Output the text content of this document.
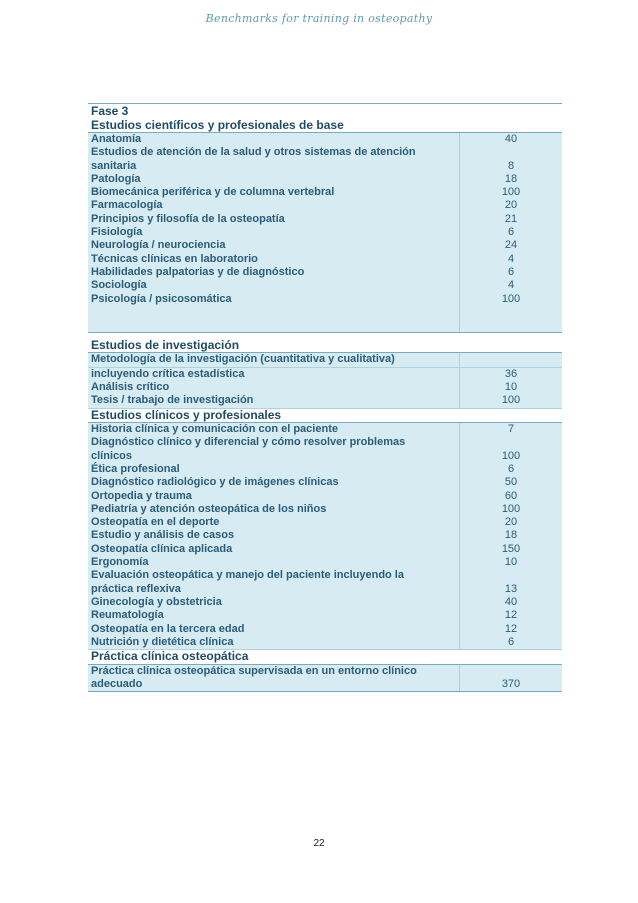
Benchmarks for training in osteopathy
Fase 3
Estudios científicos y profesionales de base
Anatomía	40
Estudios de atención de la salud y otros sistemas de atención
sanitaria	8
Patología	18
Biomecánica periférica y de columna vertebral	100
Farmacología	20
Principios y filosofía de la osteopatía	21
Fisiología	6
Neurología / neurociencia	24
Técnicas clínicas en laboratorio	4
Habilidades palpatorias y de diagnóstico	6
Sociología	4
Psicología / psicosomática	100
Estudios de investigación
Metodología de la investigación (cuantitativa y cualitativa)
incluyendo crítica estadística	36
Análisis crítico	10
Tesis / trabajo de investigación	100
Estudios clínicos y profesionales
Historia clínica y comunicación con el paciente	7
Diagnóstico clínico y diferencial y cómo resolver problemas
clínicos	100
Ética profesional	6
Diagnóstico radiológico y de imágenes clínicas	50
Ortopedia y trauma	60
Pediatría y atención osteopática de los niños	100
Osteopatía en el deporte	20
Estudio y análisis de casos	18
Osteopatía clínica aplicada	150
Ergonomía	10
Evaluación osteopática y manejo del paciente incluyendo la
práctica reflexiva	13
Ginecología y obstetricia	40
Reumatología	12
Osteopatía en la tercera edad	12
Nutrición y dietética clínica	6
Práctica clínica osteopática
Práctica clínica osteopática supervisada en un entorno clínico
adecuado	370
22
